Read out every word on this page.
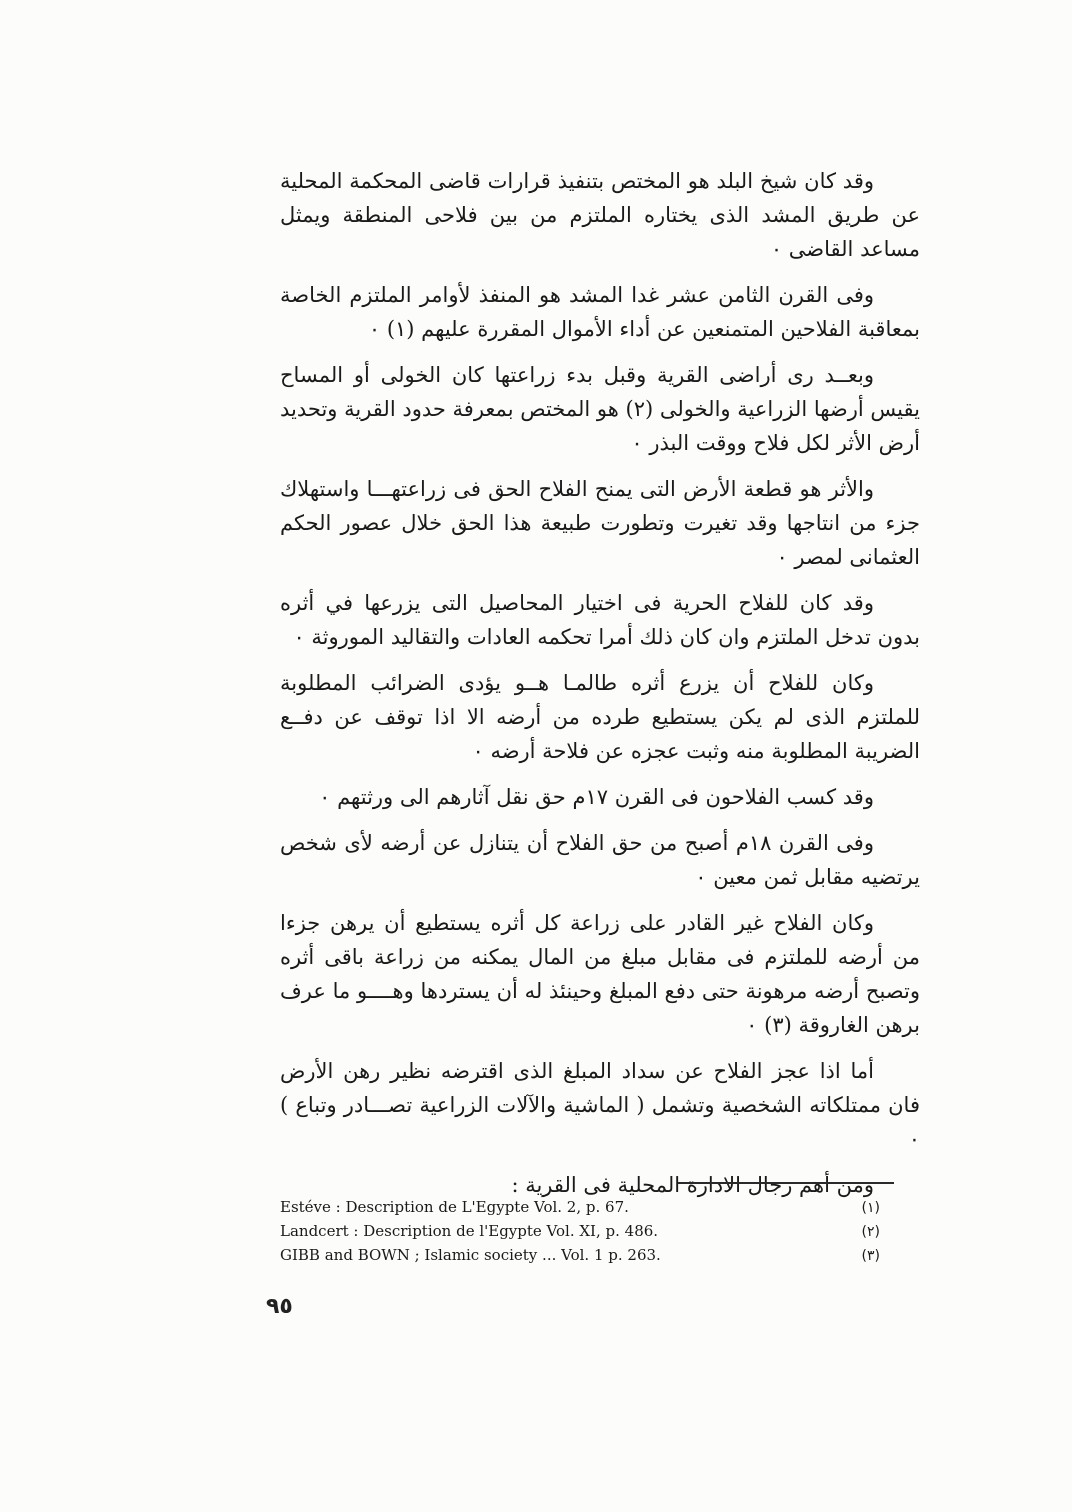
وقد كان شيخ البلد هو المختص بتنفيذ قرارات قاضى المحكمة المحلية عن طريق المشد الذى يختاره الملتزم من بين فلاحى المنطقة ويمثل مساعد القاضى ٠

وفى القرن الثامن عشر غدا المشد هو المنفذ لأوامر الملتزم الخاصة بمعاقبة الفلاحين المتمنعين عن أداء الأموال المقررة عليهم (١) ٠

وبعــد رى أراضى القرية وقبل بدء زراعتها كان الخولى أو المساح يقيس أرضها الزراعية والخولى (٢) هو المختص بمعرفة حدود القرية وتحديد أرض الأثر لكل فلاح ووقت البذر ٠

والأثر هو قطعة الأرض التى يمنح الفلاح الحق فى زراعتهـــا واستهلاك جزء من انتاجها وقد تغيرت وتطورت طبيعة هذا الحق خلال عصور الحكم العثمانى لمصر ٠

وقد كان للفلاح الحرية فى اختيار المحاصيل التى يزرعها في أثره بدون تدخل الملتزم وان كان ذلك أمرا تحكمه العادات والتقاليد الموروثة ٠

وكان للفلاح أن يزرع أثره طالمـا هــو يؤدى الضرائب المطلوبة للملتزم الذى لم يكن يستطيع طرده من أرضه الا اذا توقف عن دفــع الضريبة المطلوبة منه وثبت عجزه عن فلاحة أرضه ٠

وقد كسب الفلاحون فى القرن ١٧م حق نقل آثارهم الى ورثتهم ٠

وفى القرن ١٨م أصبح من حق الفلاح أن يتنازل عن أرضه لأى شخص يرتضيه مقابل ثمن معين ٠

وكان الفلاح غير القادر على زراعة كل أثره يستطيع أن يرهن جزءا من أرضه للملتزم فى مقابل مبلغ من المال يمكنه من زراعة باقى أثره وتصبح أرضه مرهونة حتى دفع المبلغ وحينئذ له أن يستردها وهــــو ما عرف برهن الغاروقة (٣) ٠

أما اذا عجز الفلاح عن سداد المبلغ الذى اقترضه نظير رهن الأرض فان ممتلكاته الشخصية وتشمل ( الماشية والآلات الزراعية تصـــادر وتباع ) ٠

ومن أهم رجال الادارة المحلية فى القرية :

Estéve : Description de L'Egypte Vol. 2, p. 67.	(١)
Landcert : Description de l'Egypte Vol. XI, p. 486.	(٢)
GIBB and BOWN ; Islamic society ... Vol. 1 p. 263.	(٣)
٩٥
